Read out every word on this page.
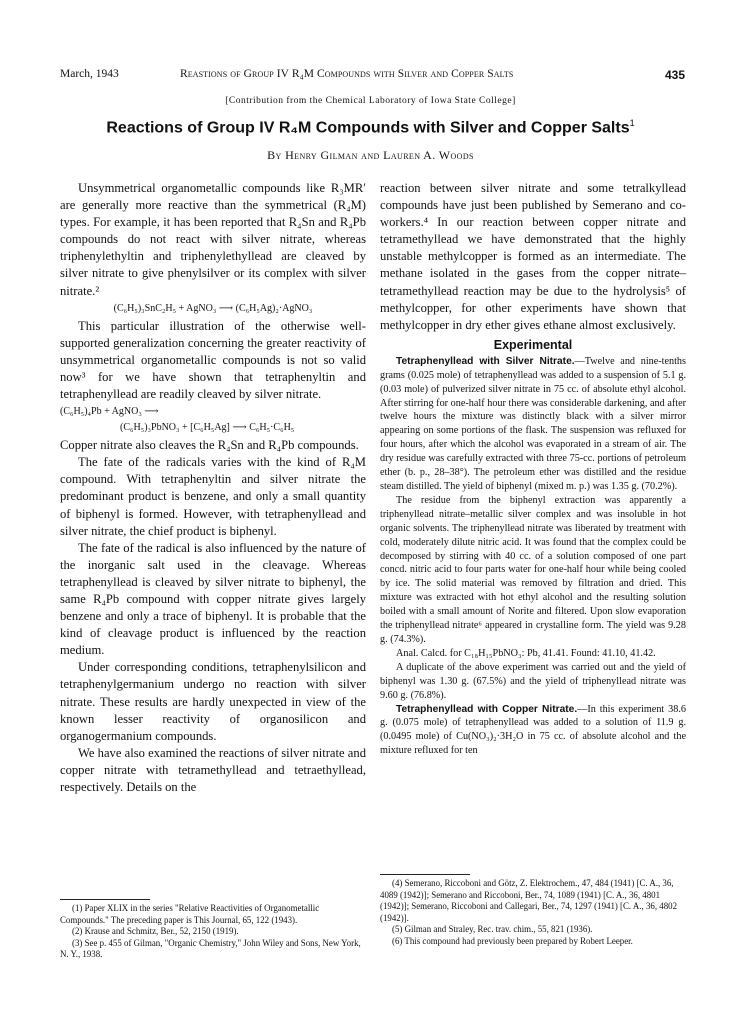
March, 1943	Reastions of Group IV R₄M Compounds with Silver and Copper Salts	435
[Contribution from the Chemical Laboratory of Iowa State College]
Reactions of Group IV R₄M Compounds with Silver and Copper Salts$^1$
By Henry Gilman and Lauren A. Woods

Unsymmetrical organometallic compounds like R₃MR′ are generally more reactive than the symmetrical (R₄M) types. For example, it has been reported that R₄Sn and R₄Pb compounds do not react with silver nitrate, whereas triphenylethyltin and triphenylethyllead are cleaved by silver nitrate to give phenylsilver or its complex with silver nitrate.²

(C₆H₅)₃SnC₂H₅ + AgNO₃ ⟶ (C₆H₅Ag)₂·AgNO₃

This particular illustration of the otherwise well-supported generalization concerning the greater reactivity of unsymmetrical organometallic compounds is not so valid now³ for we have shown that tetraphenyltin and tetraphenyllead are readily cleaved by silver nitrate.

(C₆H₅)₄Pb + AgNO₃ ⟶
(C₆H₅)₃PbNO₃ + [C₆H₅Ag] ⟶ C₆H₅·C₆H₅

Copper nitrate also cleaves the R₄Sn and R₄Pb compounds.

The fate of the radicals varies with the kind of R₄M compound. With tetraphenyltin and silver nitrate the predominant product is benzene, and only a small quantity of biphenyl is formed. However, with tetraphenyllead and silver nitrate, the chief product is biphenyl.

The fate of the radical is also influenced by the nature of the inorganic salt used in the cleavage. Whereas tetraphenyllead is cleaved by silver nitrate to biphenyl, the same R₄Pb compound with copper nitrate gives largely benzene and only a trace of biphenyl. It is probable that the kind of cleavage product is influenced by the reaction medium.

Under corresponding conditions, tetraphenylsilicon and tetraphenylgermanium undergo no reaction with silver nitrate. These results are hardly unexpected in view of the known lesser reactivity of organosilicon and organogermanium compounds.

We have also examined the reactions of silver nitrate and copper nitrate with tetramethyllead and tetraethyllead, respectively. Details on the

(1) Paper XLIX in the series "Relative Reactivities of Organometallic Compounds." The preceding paper is This Journal, 65, 122 (1943).

(2) Krause and Schmitz, Ber., 52, 2150 (1919).

(3) See p. 455 of Gilman, "Organic Chemistry," John Wiley and Sons, New York, N. Y., 1938.

reaction between silver nitrate and some tetralkyllead compounds have just been published by Semerano and co-workers.⁴ In our reaction between copper nitrate and tetramethyllead we have demonstrated that the highly unstable methylcopper is formed as an intermediate. The methane isolated in the gases from the copper nitrate–tetramethyllead reaction may be due to the hydrolysis⁵ of methylcopper, for other experiments have shown that methylcopper in dry ether gives ethane almost exclusively.

Experimental

Tetraphenyllead with Silver Nitrate.—Twelve and nine-tenths grams (0.025 mole) of tetraphenyllead was added to a suspension of 5.1 g. (0.03 mole) of pulverized silver nitrate in 75 cc. of absolute ethyl alcohol. After stirring for one-half hour there was considerable darkening, and after twelve hours the mixture was distinctly black with a silver mirror appearing on some portions of the flask. The suspension was refluxed for four hours, after which the alcohol was evaporated in a stream of air. The dry residue was carefully extracted with three 75-cc. portions of petroleum ether (b. p., 28–38°). The petroleum ether was distilled and the residue steam distilled. The yield of biphenyl (mixed m. p.) was 1.35 g. (70.2%).

The residue from the biphenyl extraction was apparently a triphenyllead nitrate–metallic silver complex and was insoluble in hot organic solvents. The triphenyllead nitrate was liberated by treatment with cold, moderately dilute nitric acid. It was found that the complex could be decomposed by stirring with 40 cc. of a solution composed of one part concd. nitric acid to four parts water for one-half hour while being cooled by ice. The solid material was removed by filtration and dried. This mixture was extracted with hot ethyl alcohol and the resulting solution boiled with a small amount of Norite and filtered. Upon slow evaporation the triphenyllead nitrate⁶ appeared in crystalline form. The yield was 9.28 g. (74.3%).

Anal. Calcd. for C₁₈H₁₅PbNO₃: Pb, 41.41. Found: 41.10, 41.42.

A duplicate of the above experiment was carried out and the yield of biphenyl was 1.30 g. (67.5%) and the yield of triphenyllead nitrate was 9.60 g. (76.8%).

Tetraphenyllead with Copper Nitrate.—In this experiment 38.6 g. (0.075 mole) of tetraphenyllead was added to a solution of 11.9 g. (0.0495 mole) of Cu(NO₃)₂·3H₂O in 75 cc. of absolute alcohol and the mixture refluxed for ten

(4) Semerano, Riccoboni and Götz, Z. Elektrochem., 47, 484 (1941) [C. A., 36, 4089 (1942)]; Semerano and Riccoboni, Ber., 74, 1089 (1941) [C. A., 36, 4801 (1942)]; Semerano, Riccoboni and Callegari, Ber., 74, 1297 (1941) [C. A., 36, 4802 (1942)].

(5) Gilman and Straley, Rec. trav. chim., 55, 821 (1936).

(6) This compound had previously been prepared by Robert Leeper.
